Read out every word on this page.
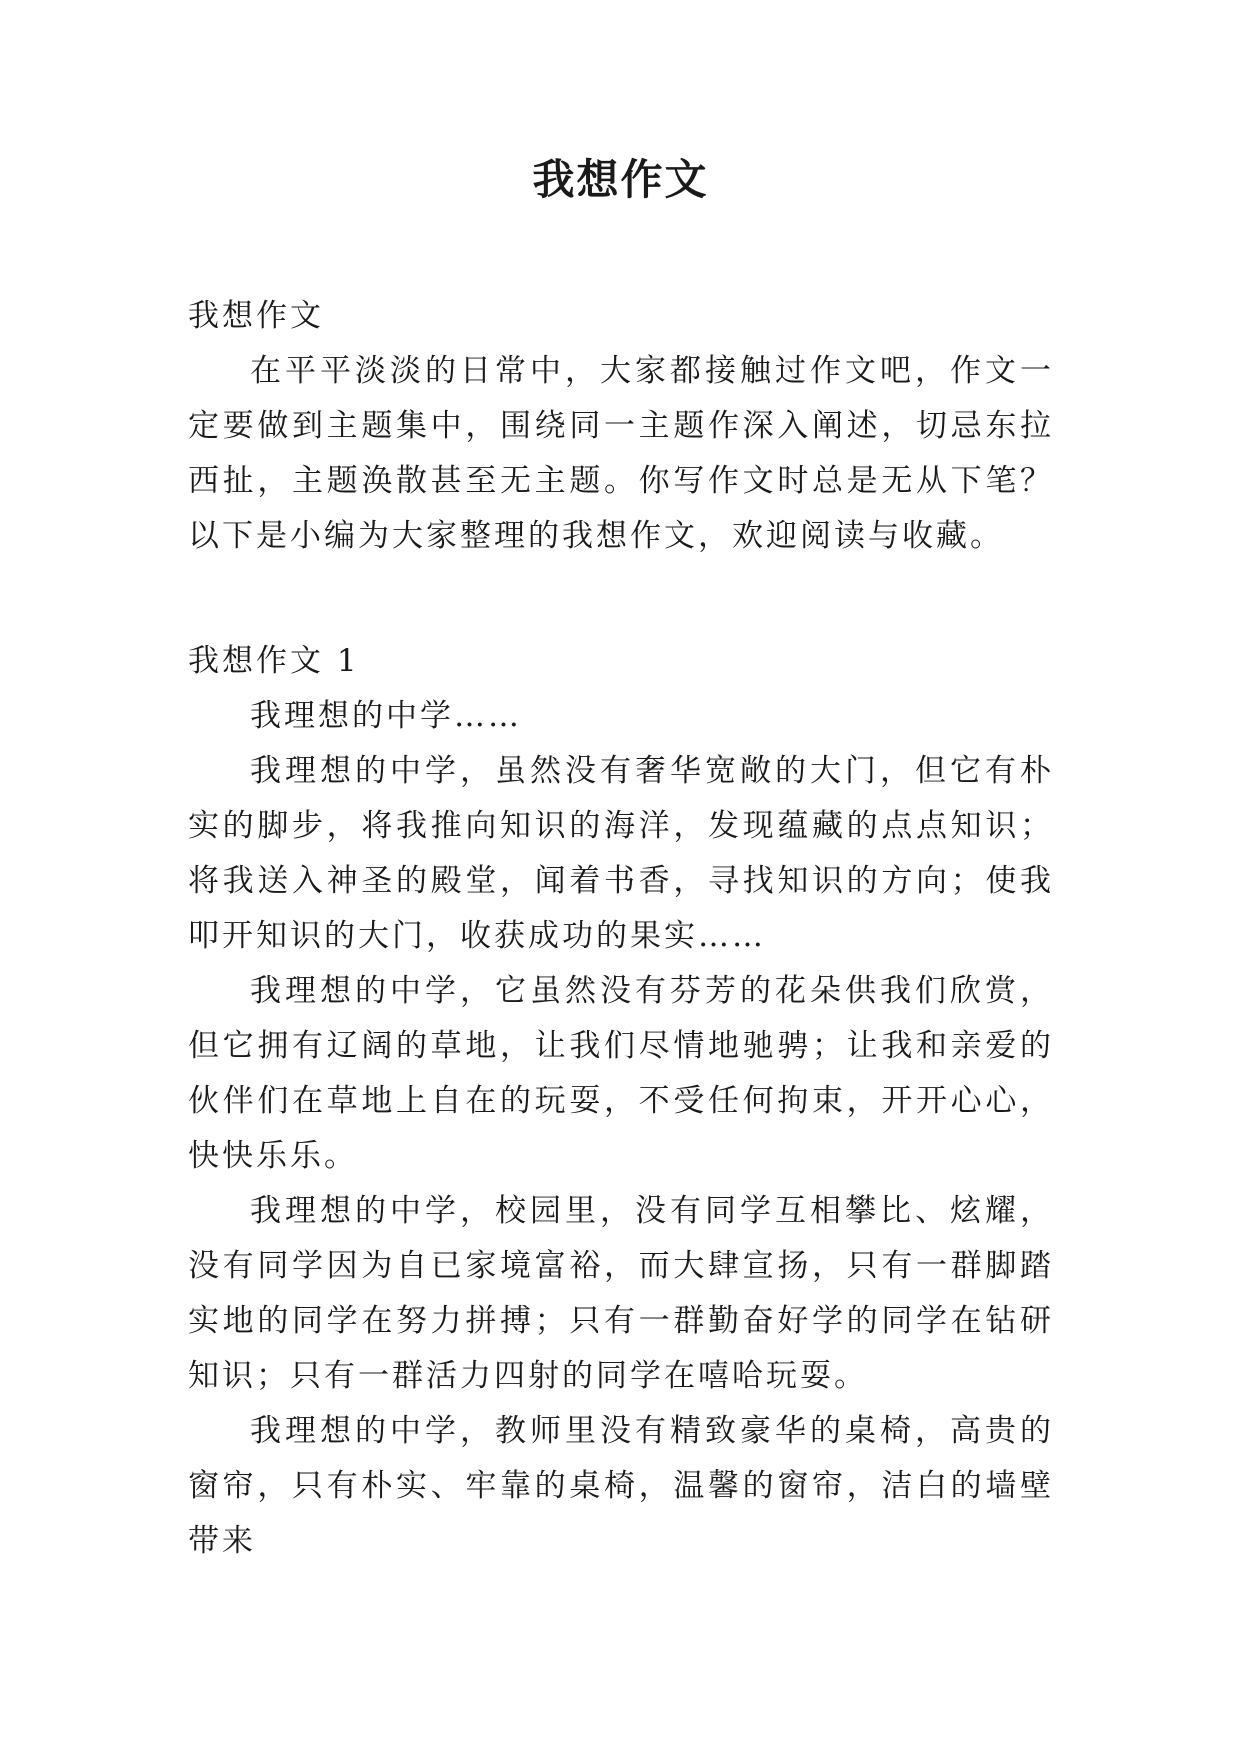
我想作文

我想作文

在平平淡淡的日常中，大家都接触过作文吧，作文一定要做到主题集中，围绕同一主题作深入阐述，切忌东拉西扯，主题涣散甚至无主题。你写作文时总是无从下笔？以下是小编为大家整理的我想作文，欢迎阅读与收藏。

我想作文 1

我理想的中学……

我理想的中学，虽然没有奢华宽敞的大门，但它有朴实的脚步，将我推向知识的海洋，发现蕴藏的点点知识；将我送入神圣的殿堂，闻着书香，寻找知识的方向；使我叩开知识的大门，收获成功的果实……

我理想的中学，它虽然没有芬芳的花朵供我们欣赏，但它拥有辽阔的草地，让我们尽情地驰骋；让我和亲爱的伙伴们在草地上自在的玩耍，不受任何拘束，开开心心，快快乐乐。

我理想的中学，校园里，没有同学互相攀比、炫耀，没有同学因为自已家境富裕，而大肆宣扬，只有一群脚踏实地的同学在努力拼搏；只有一群勤奋好学的同学在钻研知识；只有一群活力四射的同学在嘻哈玩耍。

我理想的中学，教师里没有精致豪华的桌椅，高贵的窗帘，只有朴实、牢靠的桌椅，温馨的窗帘，洁白的墙壁带来
